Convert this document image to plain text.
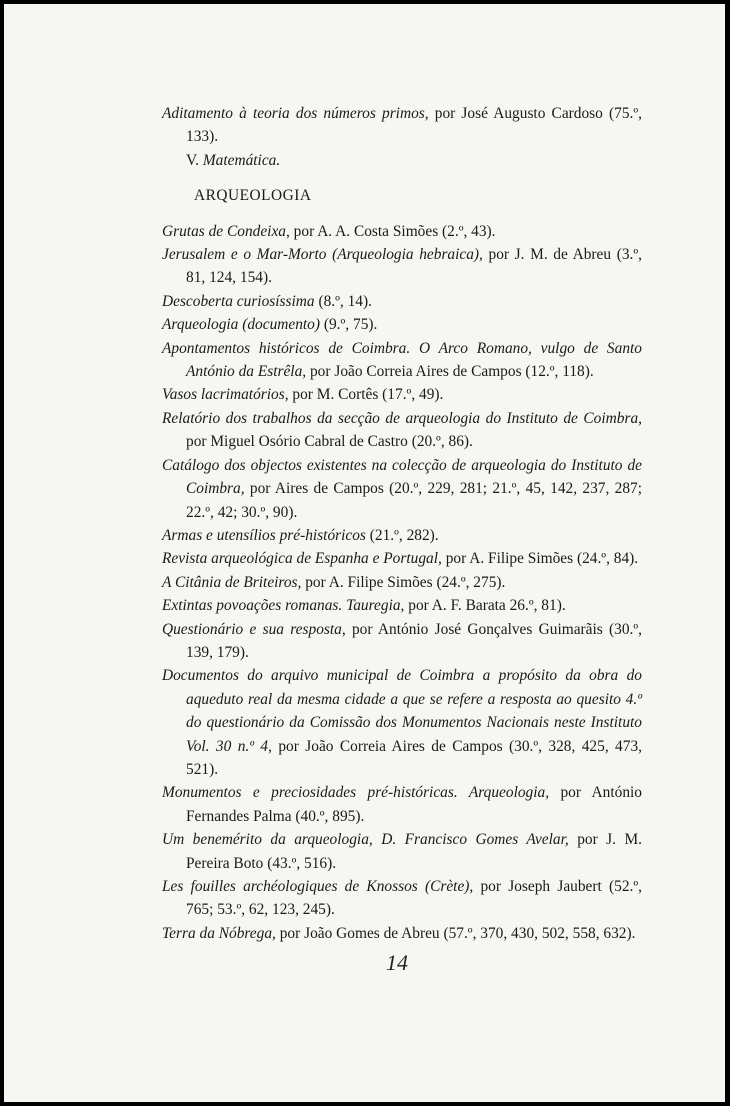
Aditamento à teoria dos números primos, por José Augusto Cardoso (75.º, 133).

V. Matemática.

ARQUEOLOGIA

Grutas de Condeixa, por A. A. Costa Simões (2.º, 43).

Jerusalem e o Mar-Morto (Arqueologia hebraica), por J. M. de Abreu (3.º, 81, 124, 154).

Descoberta curiosíssima (8.º, 14).

Arqueologia (documento) (9.º, 75).

Apontamentos históricos de Coimbra. O Arco Romano, vulgo de Santo António da Estrêla, por João Correia Aires de Campos (12.º, 118).

Vasos lacrimatórios, por M. Cortês (17.º, 49).

Relatório dos trabalhos da secção de arqueologia do Instituto de Coimbra, por Miguel Osório Cabral de Castro (20.º, 86).

Catálogo dos objectos existentes na colecção de arqueologia do Instituto de Coimbra, por Aires de Campos (20.º, 229, 281; 21.º, 45, 142, 237, 287; 22.º, 42; 30.º, 90).

Armas e utensílios pré-históricos (21.º, 282).

Revista arqueológica de Espanha e Portugal, por A. Filipe Simões (24.º, 84).

A Citânia de Briteiros, por A. Filipe Simões (24.º, 275).

Extintas povoações romanas. Tauregia, por A. F. Barata 26.º, 81).

Questionário e sua resposta, por António José Gonçalves Guimarãis (30.º, 139, 179).

Documentos do arquivo municipal de Coimbra a propósito da obra do aqueduto real da mesma cidade a que se refere a resposta ao quesito 4.º do questionário da Comissão dos Monumentos Nacionais neste Instituto Vol. 30 n.º 4, por João Correia Aires de Campos (30.º, 328, 425, 473, 521).

Monumentos e preciosidades pré-históricas. Arqueologia, por António Fernandes Palma (40.º, 895).

Um benemérito da arqueologia, D. Francisco Gomes Avelar, por J. M. Pereira Boto (43.º, 516).

Les fouilles archéologiques de Knossos (Crète), por Joseph Jaubert (52.º, 765; 53.º, 62, 123, 245).

Terra da Nóbrega, por João Gomes de Abreu (57.º, 370, 430, 502, 558, 632).

14
